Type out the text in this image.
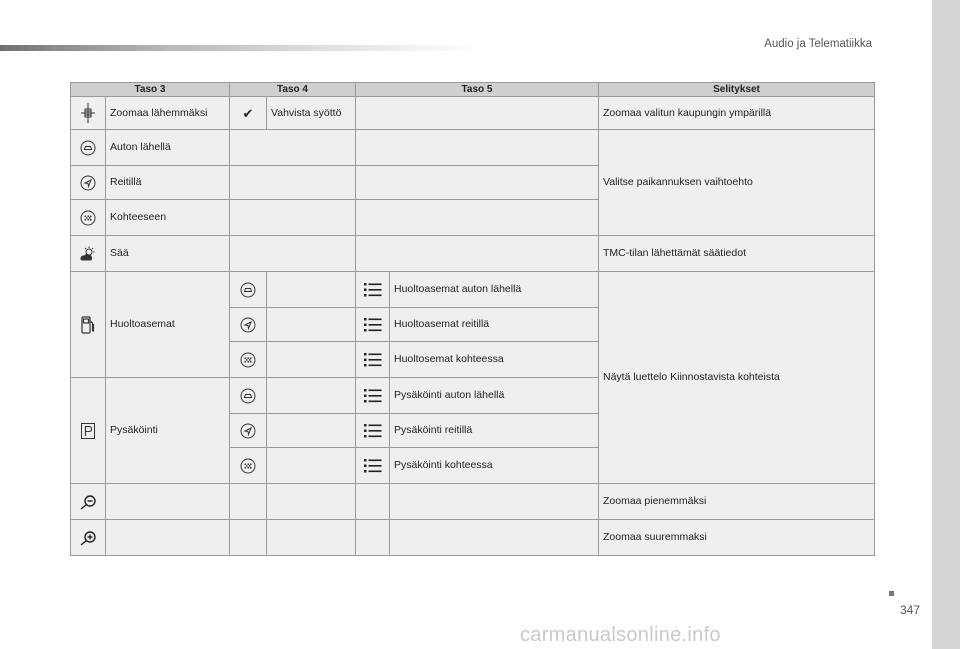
Audio ja Telematiikka
Taso 3		Taso 4		Taso 5		Selitykset
	Zoomaa lähemmäksi	✔	Vahvista syöttö			Zoomaa valitun kaupungin ympärillä
	Auton lähellä					Valitse paikannuksen vaihtoehto
	Reitillä					
	Kohteeseen					
	Sää					TMC-tilan lähettämät säätiedot
	Huoltoasemat				Huoltoasemat auton lähellä	Näytä luettelo Kiinnostavista kohteista
			Huoltoasemat reitillä	
			Huoltosemat kohteessa	
	Pysäköinti				Pysäköinti auton lähellä	
			Pysäköinti reitillä	
			Pysäköinti kohteessa	
						Zoomaa pienemmäksi
						Zoomaa suuremmaksi
347
carmanualsonline.info
